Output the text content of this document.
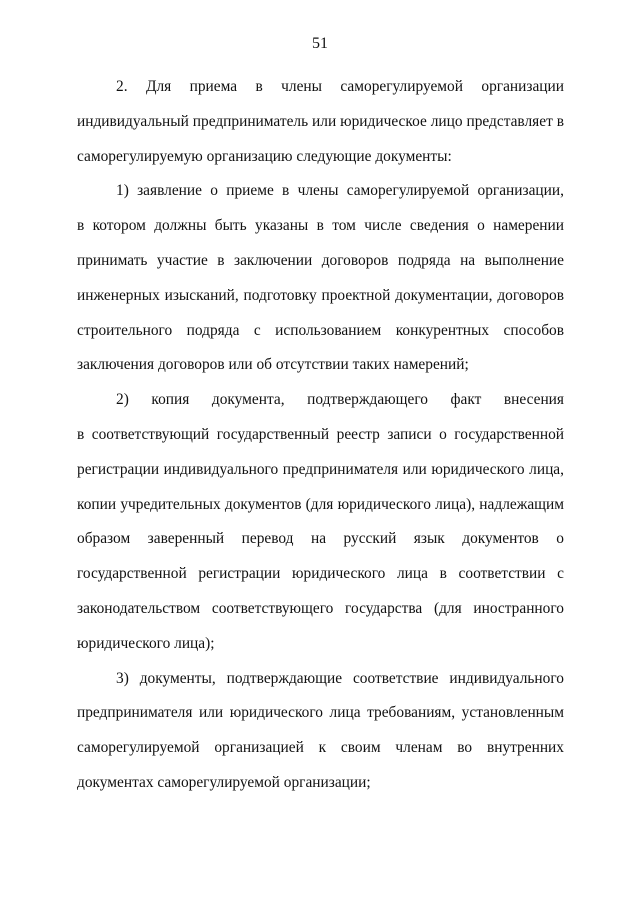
51

2. Для приема в члены саморегулируемой организации
индивидуальный предприниматель или юридическое лицо представляет в
саморегулируемую организацию следующие документы:

1) заявление о приеме в члены саморегулируемой организации,
в котором должны быть указаны в том числе сведения о намерении
принимать участие в заключении договоров подряда на выполнение
инженерных изысканий, подготовку проектной документации, договоров
строительного подряда с использованием конкурентных способов
заключения договоров или об отсутствии таких намерений;

2) копия документа, подтверждающего факт внесения
в соответствующий государственный реестр записи о государственной
регистрации индивидуального предпринимателя или юридического лица,
копии учредительных документов (для юридического лица), надлежащим
образом заверенный перевод на русский язык документов о
государственной регистрации юридического лица в соответствии с
законодательством соответствующего государства (для иностранного
юридического лица);

3) документы, подтверждающие соответствие индивидуального
предпринимателя или юридического лица требованиям, установленным
саморегулируемой организацией к своим членам во внутренних
документах саморегулируемой организации;
